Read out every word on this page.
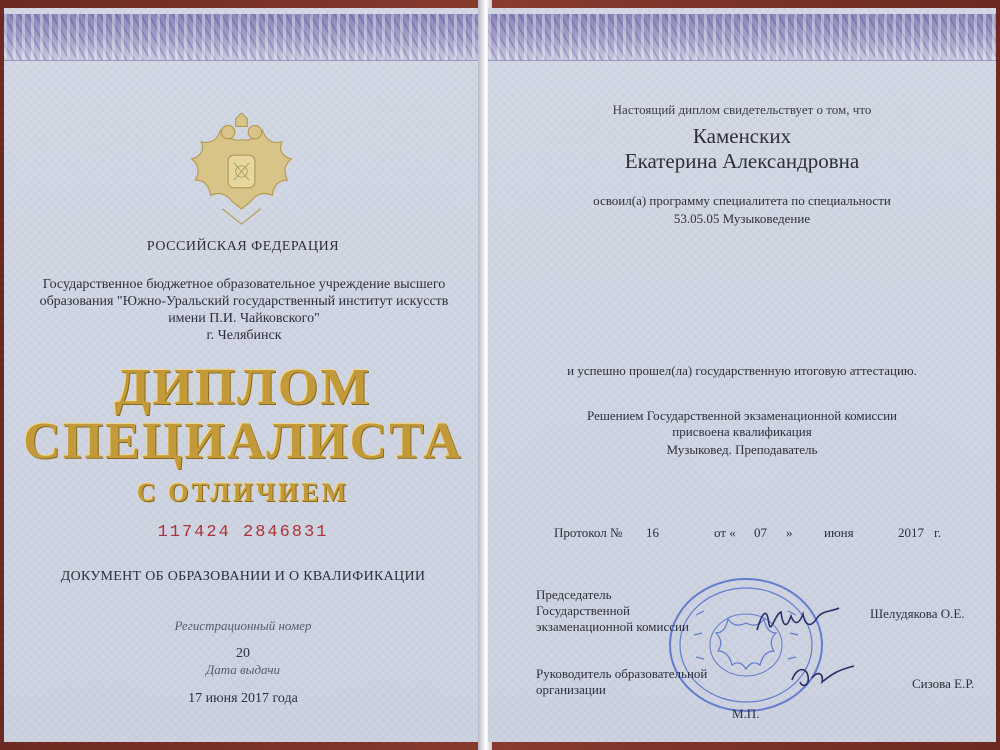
РОССИЙСКАЯ ФЕДЕРАЦИЯ
Государственное бюджетное образовательное учреждение высшего
образования "Южно-Уральский государственный институт искусств
имени П.И. Чайковского"
г. Челябинск
ДИПЛОМ
СПЕЦИАЛИСТА
С ОТЛИЧИЕМ
117424 2846831
ДОКУМЕНТ ОБ ОБРАЗОВАНИИ И О КВАЛИФИКАЦИИ
Регистрационный номер
20
Дата выдачи
17 июня 2017 года
Настоящий диплом свидетельствует о том, что
Каменских
Екатерина Александровна
освоил(а) программу специалитета по специальности
53.05.05 Музыковедение
и успешно прошел(ла) государственную итоговую аттестацию.
Решением Государственной экзаменационной комиссии
присвоена квалификация
Музыковед. Преподаватель
Протокол № 16	от « 07 » июня	2017 г.
Председатель
Государственной
экзаменационной комиссии
Шелудякова О.Е.
Руководитель образовательной
организации	Сизова Е.Р.
М.П.
